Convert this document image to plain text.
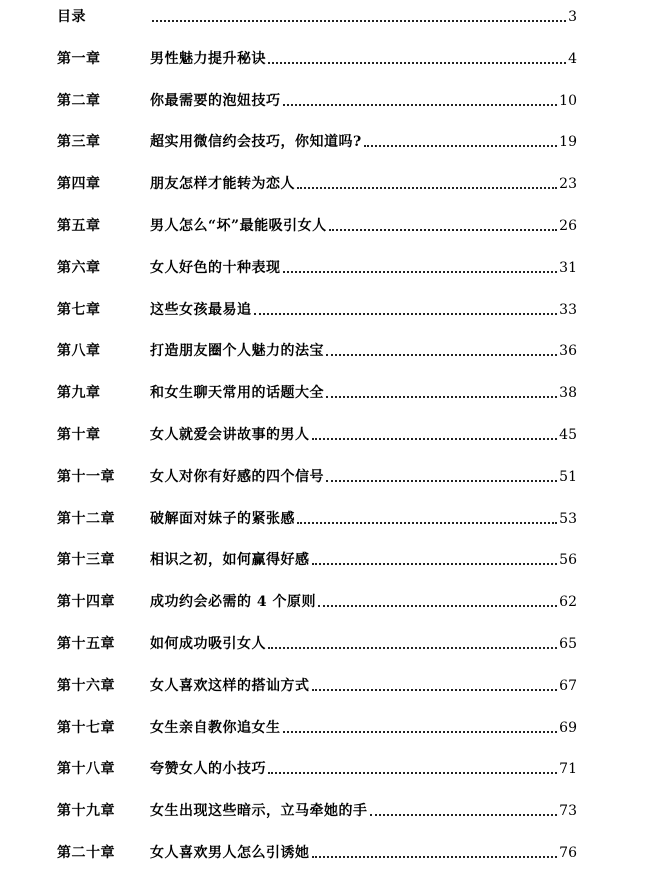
目录	3
第一章	男性魅力提升秘诀	4
第二章	你最需要的泡妞技巧	10
第三章	超实用微信约会技巧，你知道吗?	19
第四章	朋友怎样才能转为恋人	23
第五章	男人怎么“坏”最能吸引女人	26
第六章	女人好色的十种表现	31
第七章	这些女孩最易追	33
第八章	打造朋友圈个人魅力的法宝	36
第九章	和女生聊天常用的话题大全	38
第十章	女人就爱会讲故事的男人	45
第十一章	女人对你有好感的四个信号	51
第十二章	破解面对妹子的紧张感	53
第十三章	相识之初，如何赢得好感	56
第十四章	成功约会必需的 4 个原则	62
第十五章	如何成功吸引女人	65
第十六章	女人喜欢这样的搭讪方式	67
第十七章	女生亲自教你追女生	69
第十八章	夸赞女人的小技巧	71
第十九章	女生出现这些暗示，立马牵她的手	73
第二十章	女人喜欢男人怎么引诱她	76
